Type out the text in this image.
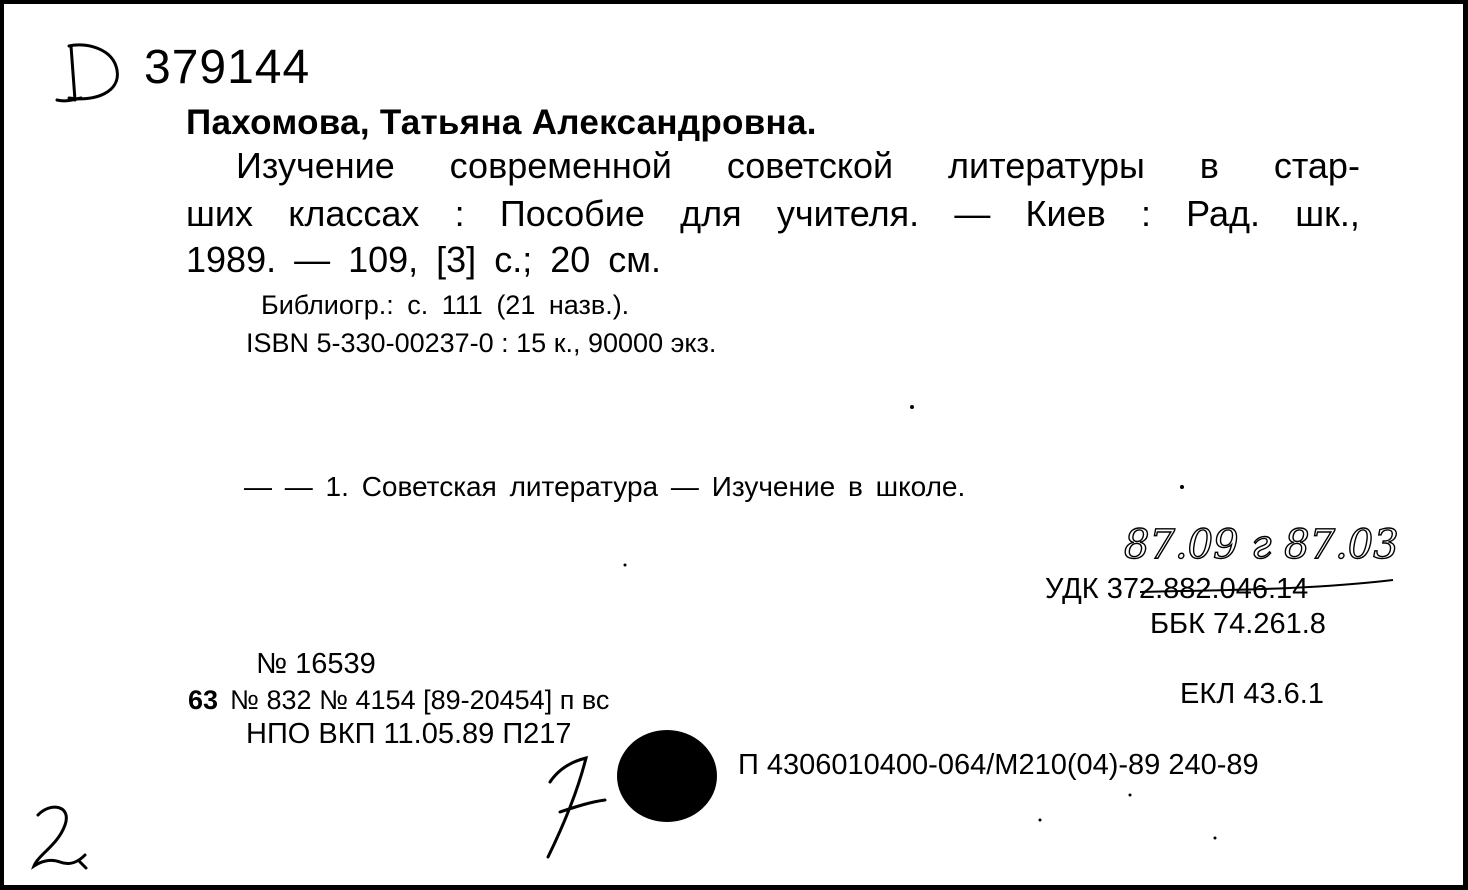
379144
Пахомова, Татьяна Александровна.
Изучение современной советской литературы в стар-
ших классах : Пособие для учителя. — Киев : Рад. шк.,
1989. — 109, [3] с.; 20 см.
Библиогр.: с. 111 (21 назв.).
ISBN 5-330-00237-0 : 15 к., 90000 экз.
— — 1. Советская литература — Изучение в школе.
87.09 г 87.03
УДК 372.882.046.14
ББК 74.261.8
ЕКЛ 43.6.1
№ 16539
63 № 832 № 4154 [89-20454] п вс
НПО ВКП 11.05.89 П217
7	П 4306010400-064/М210(04)-89 240-89
2
